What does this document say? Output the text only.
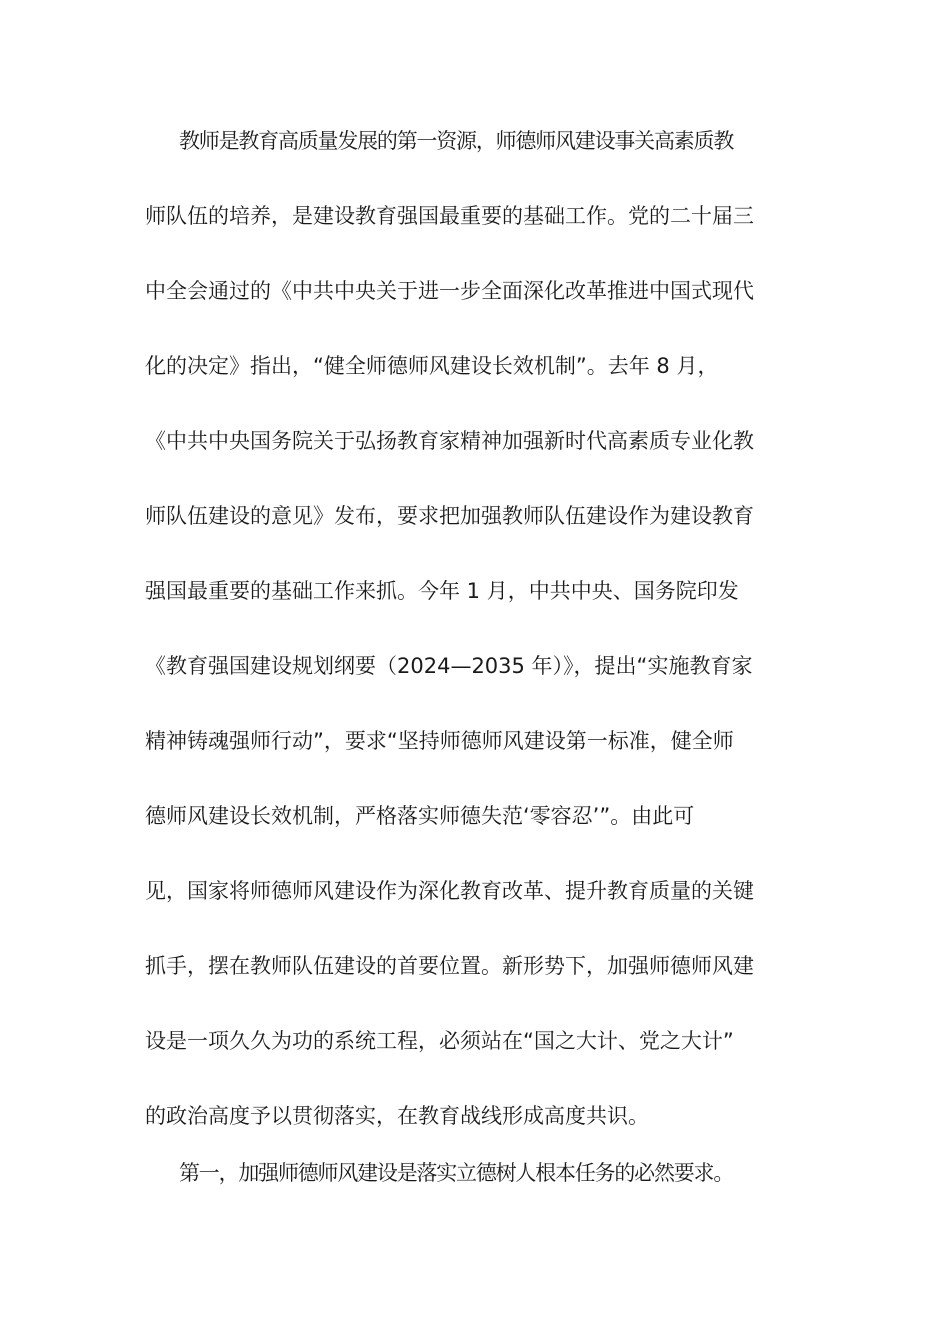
教师是教育高质量发展的第一资源，师德师风建设事关高素质教
师队伍的培养，是建设教育强国最重要的基础工作。党的二十届三
中全会通过的《中共中央关于进一步全面深化改革推进中国式现代
化的决定》指出，“健全师德师风建设长效机制”。去年 8 月，
《中共中央国务院关于弘扬教育家精神加强新时代高素质专业化教
师队伍建设的意见》发布，要求把加强教师队伍建设作为建设教育
强国最重要的基础工作来抓。今年 1 月，中共中央、国务院印发
《教育强国建设规划纲要（2024—2035 年）》，提出“实施教育家
精神铸魂强师行动”，要求“坚持师德师风建设第一标准，健全师
德师风建设长效机制，严格落实师德失范‘零容忍’”。由此可
见，国家将师德师风建设作为深化教育改革、提升教育质量的关键
抓手，摆在教师队伍建设的首要位置。新形势下，加强师德师风建
设是一项久久为功的系统工程，必须站在“国之大计、党之大计”
的政治高度予以贯彻落实，在教育战线形成高度共识。
第一，加强师德师风建设是落实立德树人根本任务的必然要求。
